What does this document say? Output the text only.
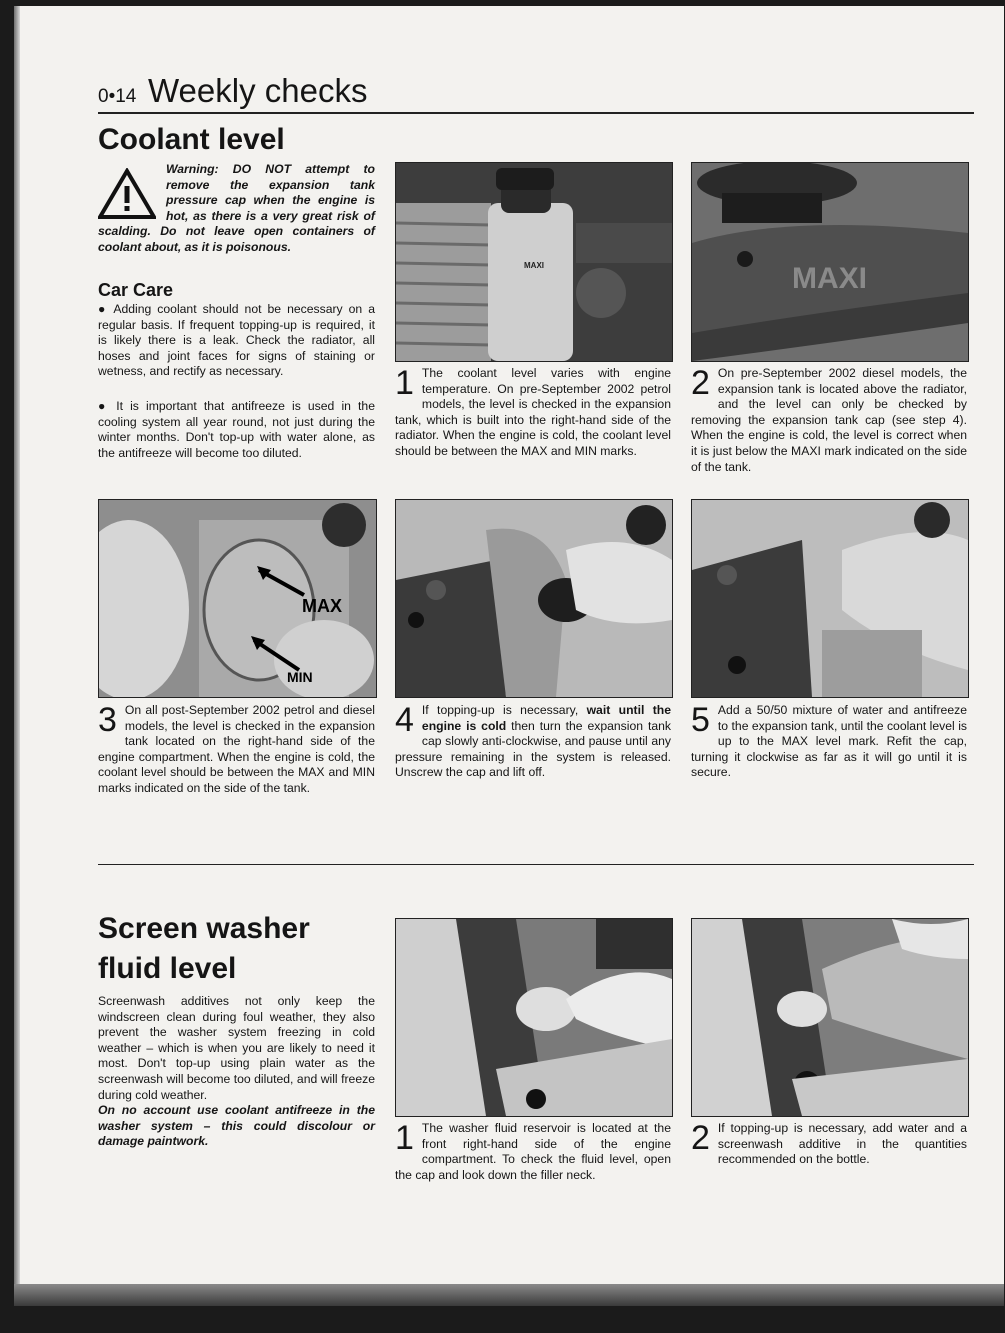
0•14 Weekly checks
Coolant level
Warning: DO NOT attempt to remove the expansion tank pressure cap when the engine is hot, as there is a very great risk of scalding. Do not leave open containers of coolant about, as it is poisonous.
Car Care
● Adding coolant should not be necessary on a regular basis. If frequent topping-up is required, it is likely there is a leak. Check the radiator, all hoses and joint faces for signs of staining or wetness, and rectify as necessary.
● It is important that antifreeze is used in the cooling system all year round, not just during the winter months. Don't top-up with water alone, as the antifreeze will become too diluted.
MAXI	MAXI
1 The coolant level varies with engine temperature. On pre-September 2002 petrol models, the level is checked in the expansion tank, which is built into the right-hand side of the radiator. When the engine is cold, the coolant level should be between the MAX and MIN marks.
2 On pre-September 2002 diesel models, the expansion tank is located above the radiator, and the level can only be checked by removing the expansion tank cap (see step 4). When the engine is cold, the level is correct when it is just below the MAXI mark indicated on the side of the tank.
MAX
MIN
3 On all post-September 2002 petrol and diesel models, the level is checked in the expansion tank located on the right-hand side of the engine compartment. When the engine is cold, the coolant level should be between the MAX and MIN marks indicated on the side of the tank.
4 If topping-up is necessary, wait until the engine is cold then turn the expansion tank cap slowly anti-clockwise, and pause until any pressure remaining in the system is released. Unscrew the cap and lift off.
5 Add a 50/50 mixture of water and antifreeze to the expansion tank, until the coolant level is up to the MAX level mark. Refit the cap, turning it clockwise as far as it will go until it is secure.
Screen washer
fluid level
Screenwash additives not only keep the windscreen clean during foul weather, they also prevent the washer system freezing in cold weather – which is when you are likely to need it most. Don't top-up using plain water as the screenwash will become too diluted, and will freeze during cold weather.
On no account use coolant antifreeze in the washer system – this could discolour or damage paintwork.	1 The washer fluid reservoir is located at the front right-hand side of the engine compartment. To check the fluid level, open the cap and look down the filler neck.
2 If topping-up is necessary, add water and a screenwash additive in the quantities recommended on the bottle.
